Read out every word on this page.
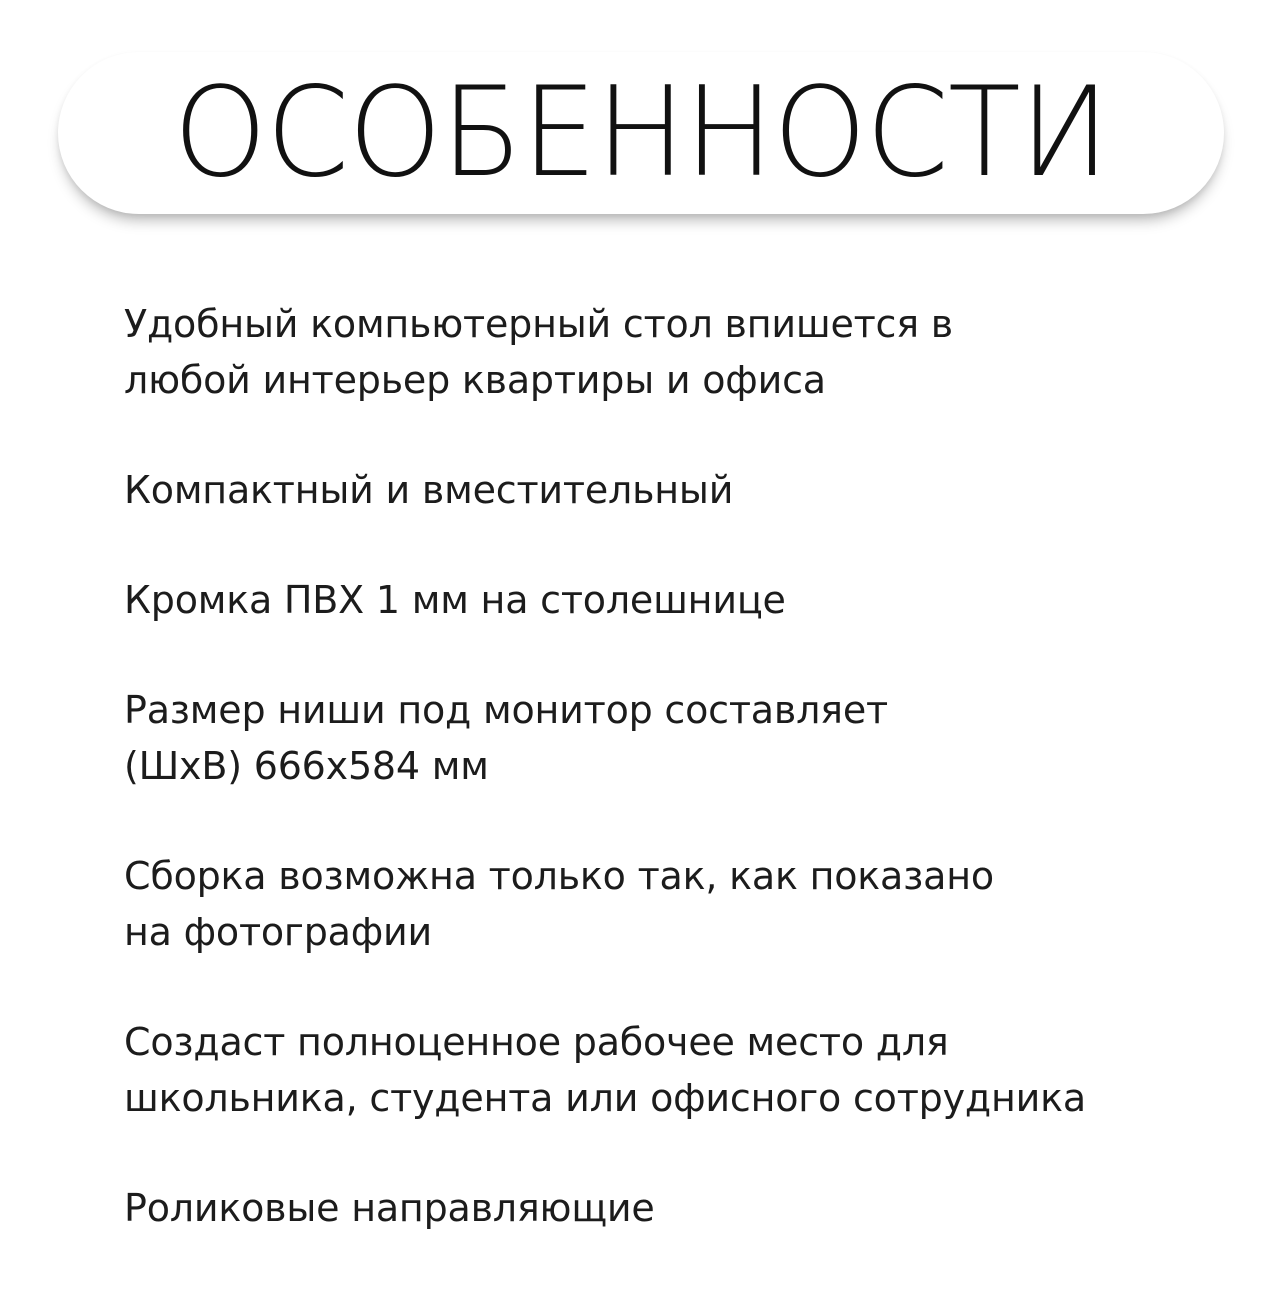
ОСОБЕННОСТИ
Удобный компьютерный стол впишется в
любой интерьер квартиры и офиса
Компактный и вместительный
Кромка ПВХ 1 мм на столешнице
Размер ниши под монитор составляет
(ШхВ) 666х584 мм
Сборка возможна только так, как показано
на фотографии
Создаст полноценное рабочее место для
школьника, студента или офисного сотрудника
Роликовые направляющие
